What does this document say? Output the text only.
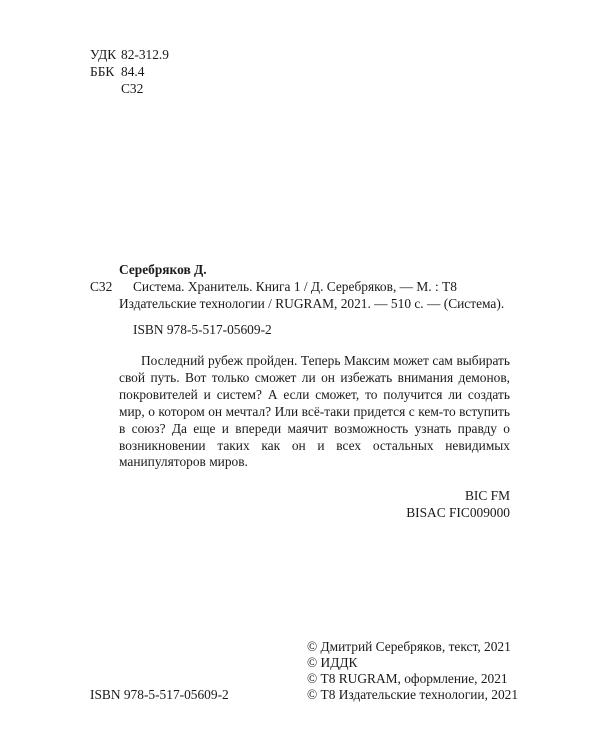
УДК 82-312.9
ББК 84.4
С32
Серебряков Д.
С32 Система. Хранитель. Книга 1 / Д. Серебряков, — М. : Т8
Издательские технологии / RUGRAM, 2021. — 510 с. — (Система).
ISBN 978-5-517-05609-2
Последний рубеж пройден. Теперь Максим может сам выбирать свой путь. Вот только сможет ли он избежать внимания демонов, покровителей и систем? А если сможет, то получится ли создать мир, о котором он мечтал? Или всё-таки придется с кем-то вступить в союз? Да еще и впереди маячит возможность узнать правду о возникновении таких как он и всех остальных невидимых манипуляторов миров.
BIC FM
BISAC FIC009000
© Дмитрий Серебряков, текст, 2021
© ИДДК
© Т8 RUGRAM, оформление, 2021
© Т8 Издательские технологии, 2021
ISBN 978-5-517-05609-2
